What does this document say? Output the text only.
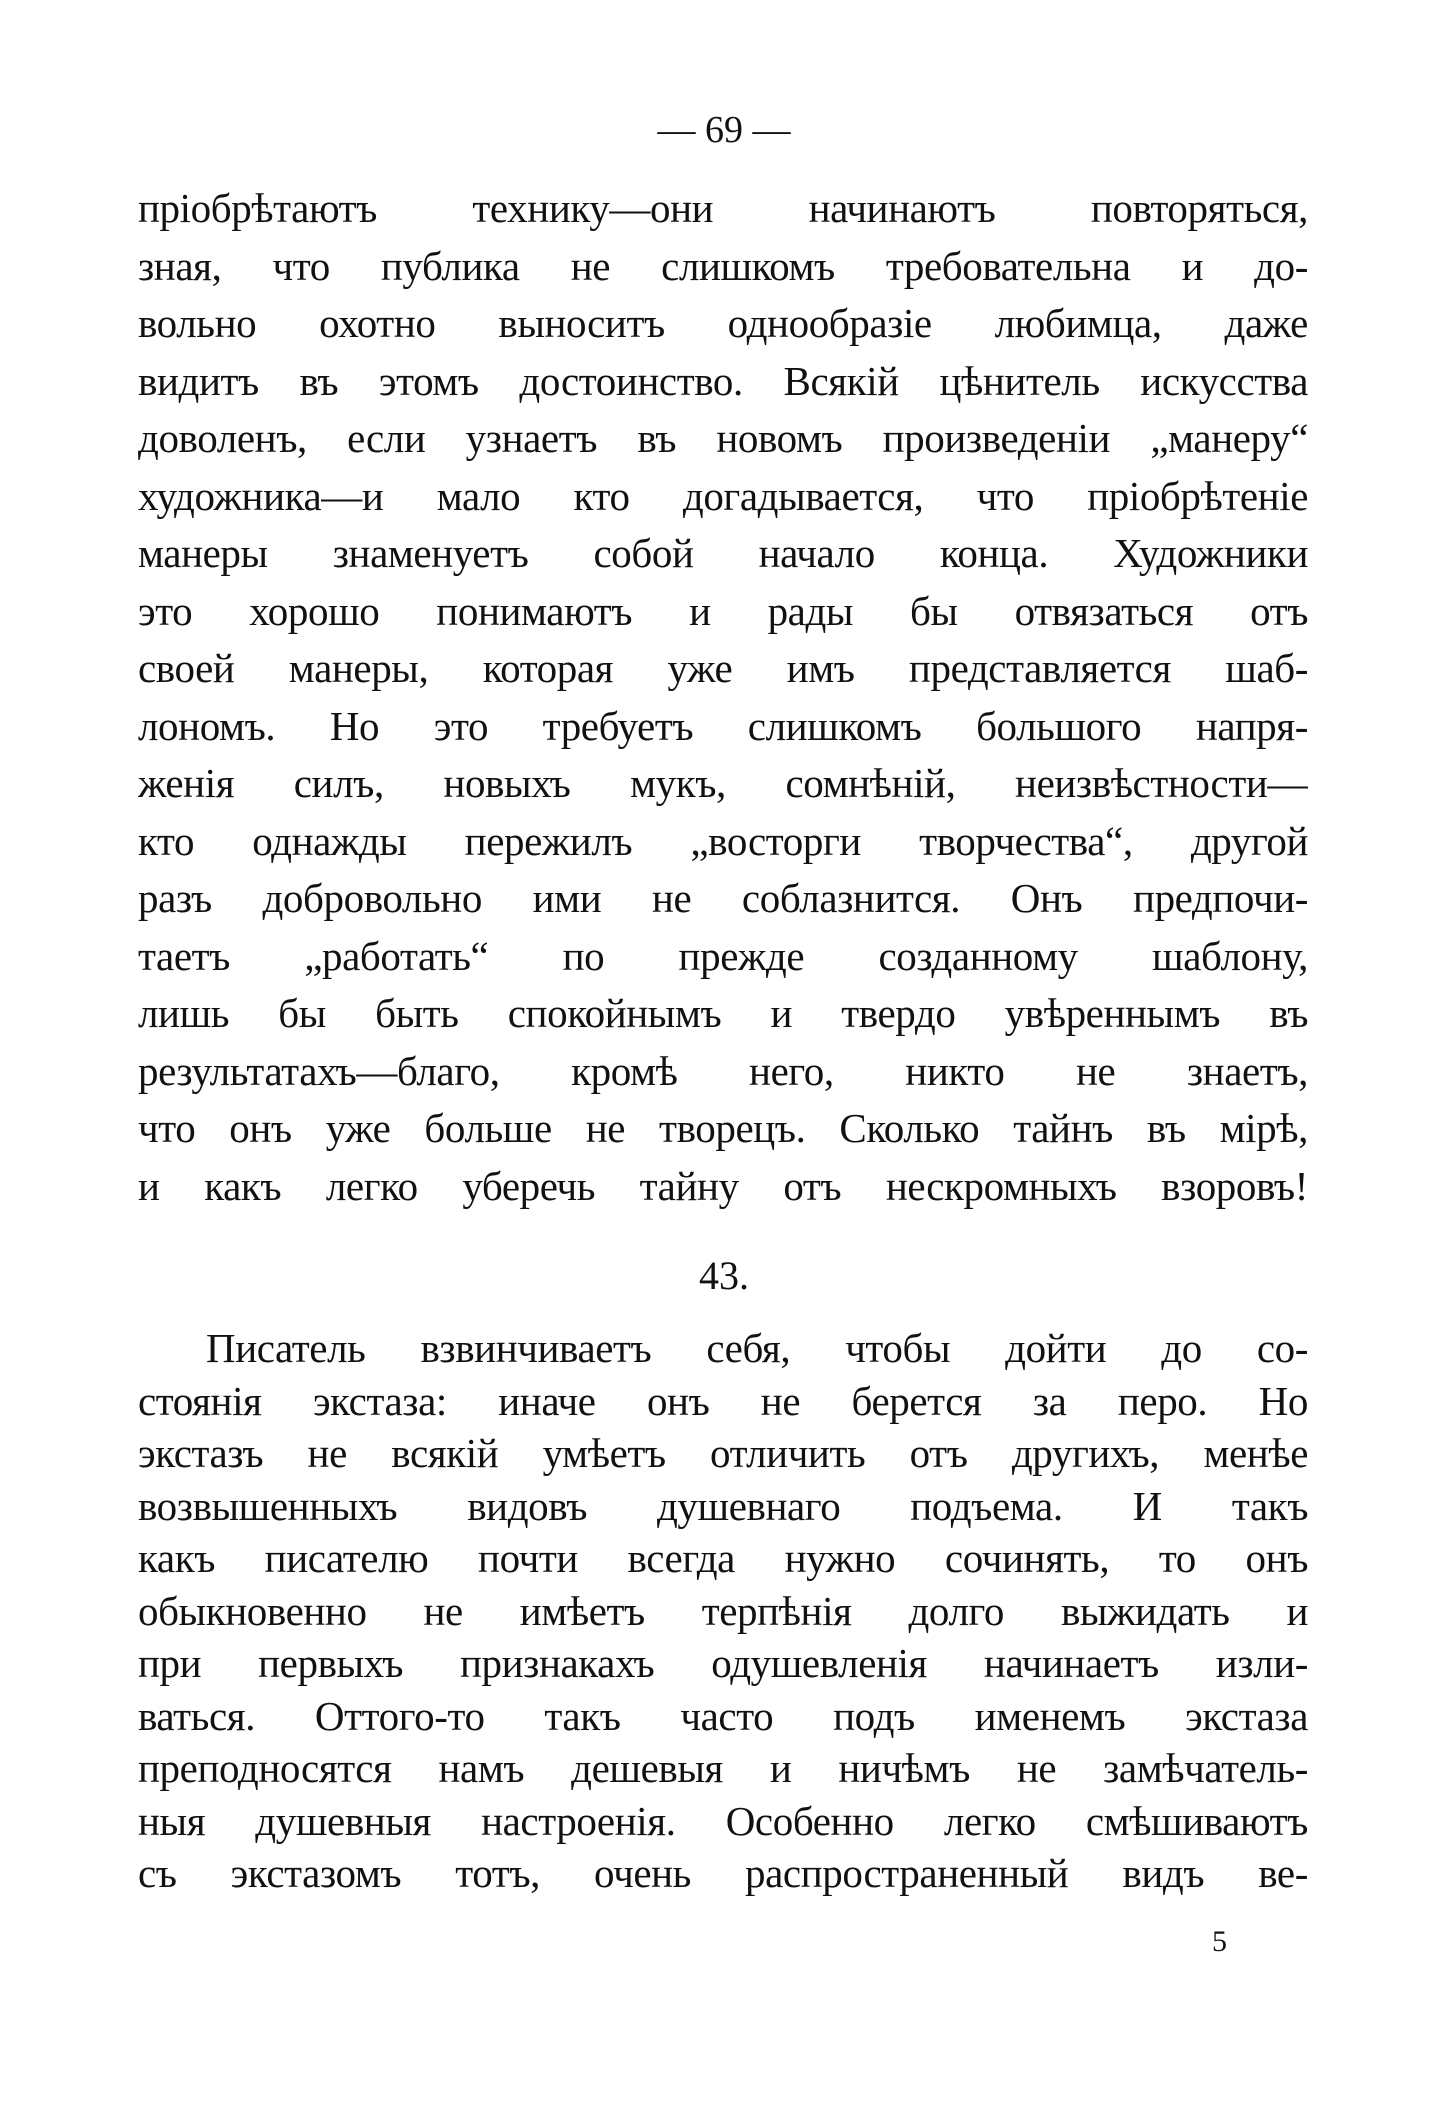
— 69 —
пріобрѣтаютъ технику—они начинаютъ повторяться,
зная, что публика не слишкомъ требовательна и до-
вольно охотно выноситъ однообразіе любимца, даже
видитъ въ этомъ достоинство. Всякій цѣнитель искусства
доволенъ, если узнаетъ въ новомъ произведеніи „манеру“
художника—и мало кто догадывается, что пріобрѣтеніе
манеры знаменуетъ собой начало конца. Художники
это хорошо понимаютъ и рады бы отвязаться отъ
своей манеры, которая уже имъ представляется шаб-
лономъ. Но это требуетъ слишкомъ большого напря-
женія силъ, новыхъ мукъ, сомнѣній, неизвѣстности—
кто однажды пережилъ „восторги творчества“, другой
разъ добровольно ими не соблазнится. Онъ предпочи-
таетъ „работать“ по прежде созданному шаблону,
лишь бы быть спокойнымъ и твердо увѣреннымъ въ
результатахъ—благо, кромѣ него, никто не знаетъ,
что онъ уже больше не творецъ. Сколько тайнъ въ мірѣ,
и какъ легко уберечь тайну отъ нескромныхъ взоровъ!
43.
Писатель взвинчиваетъ себя, чтобы дойти до со-
стоянія экстаза: иначе онъ не берется за перо. Но
экстазъ не всякій умѣетъ отличить отъ другихъ, менѣе
возвышенныхъ видовъ душевнаго подъема. И такъ
какъ писателю почти всегда нужно сочинять, то онъ
обыкновенно не имѣетъ терпѣнія долго выжидать и
при первыхъ признакахъ одушевленія начинаетъ изли-
ваться. Оттого-то такъ часто подъ именемъ экстаза
преподносятся намъ дешевыя и ничѣмъ не замѣчатель-
ныя душевныя настроенія. Особенно легко смѣшиваютъ
съ экстазомъ тотъ, очень распространенный видъ ве-
5
